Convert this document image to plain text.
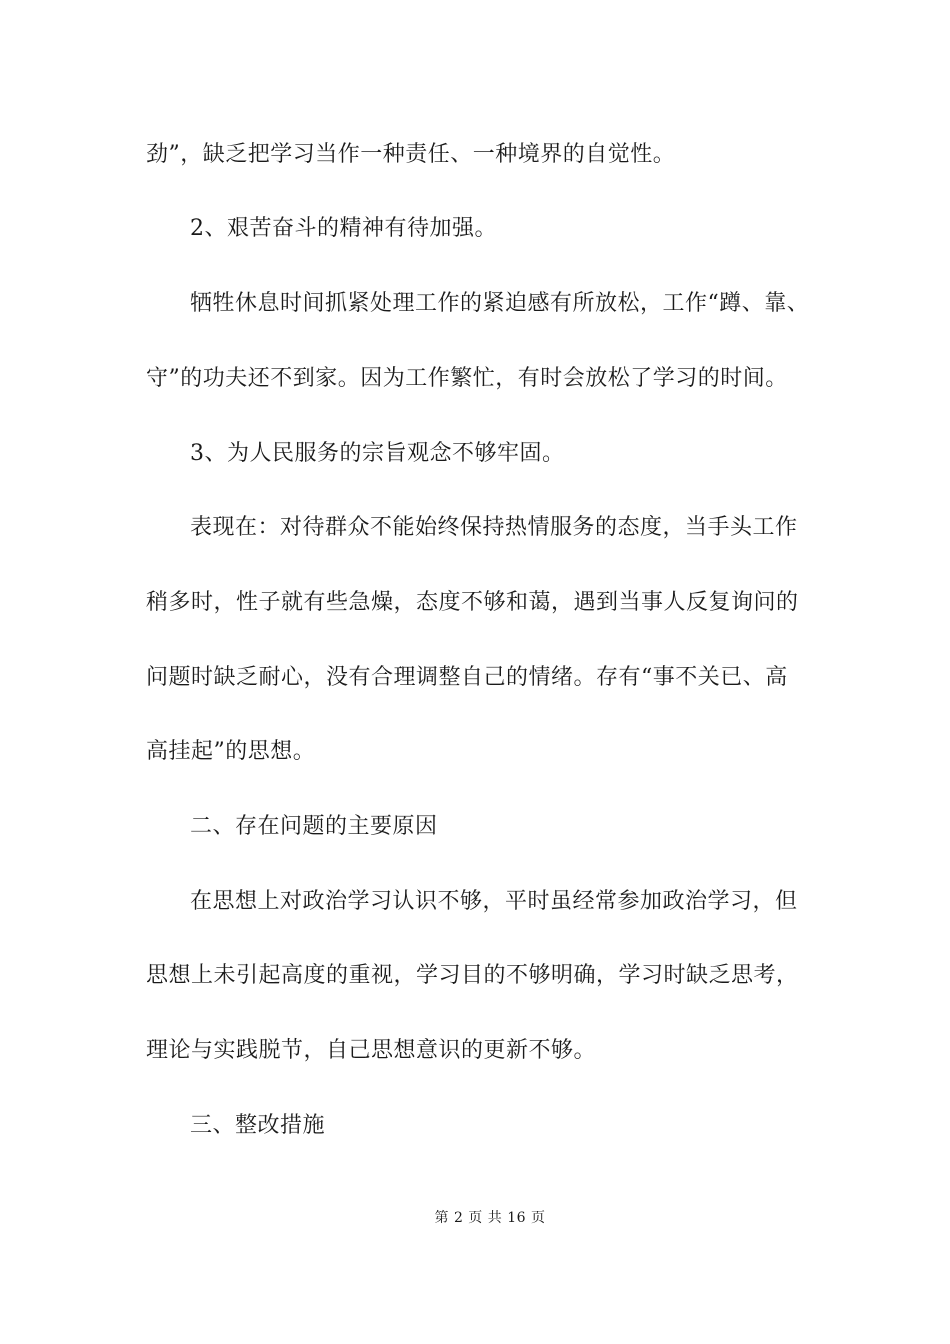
劲”，缺乏把学习当作一种责任、一种境界的自觉性。
2、艰苦奋斗的精神有待加强。
牺牲休息时间抓紧处理工作的紧迫感有所放松，工作“蹲、靠、
守”的功夫还不到家。因为工作繁忙，有时会放松了学习的时间。
3、为人民服务的宗旨观念不够牢固。
表现在：对待群众不能始终保持热情服务的态度，当手头工作
稍多时，性子就有些急燥，态度不够和蔼，遇到当事人反复询问的
问题时缺乏耐心，没有合理调整自己的情绪。存有“事不关已、高
高挂起”的思想。
二、存在问题的主要原因
在思想上对政治学习认识不够，平时虽经常参加政治学习，但
思想上未引起高度的重视，学习目的不够明确，学习时缺乏思考，
理论与实践脱节，自己思想意识的更新不够。
三、整改措施
第 2 页 共 16 页
